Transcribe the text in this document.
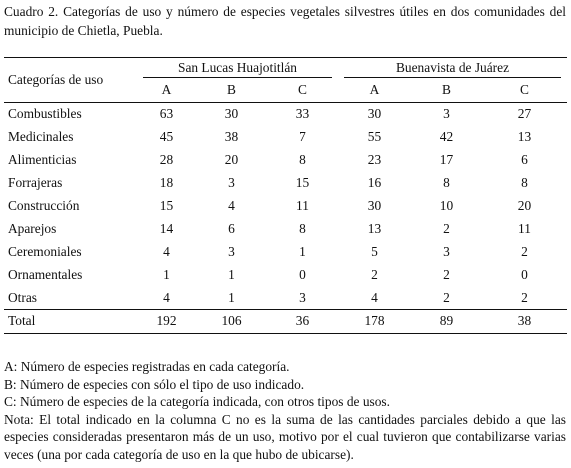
Cuadro 2. Categorías de uso y número de especies vegetales silvestres útiles en dos comunidades del municipio de Chietla, Puebla.
Categorías de uso	San Lucas Huajotitlán			Buenavista de Juárez		
	A	B	C	A	B	C
Combustibles	63	30	33	30	3	27
Medicinales	45	38	7	55	42	13
Alimenticias	28	20	8	23	17	6
Forrajeras	18	3	15	16	8	8
Construcción	15	4	11	30	10	20
Aparejos	14	6	8	13	2	11
Ceremoniales	4	3	1	5	3	2
Ornamentales	1	1	0	2	2	0
Otras	4	1	3	4	2	2
Total	192	106	36	178	89	38

A: Número de especies registradas en cada categoría.

B: Número de especies con sólo el tipo de uso indicado.

C: Número de especies de la categoría indicada, con otros tipos de usos.

Nota: El total indicado en la columna C no es la suma de las cantidades parciales debido a que las especies consideradas presentaron más de un uso, motivo por el cual tuvieron que contabilizarse varias veces (una por cada categoría de uso en la que hubo de ubicarse).
